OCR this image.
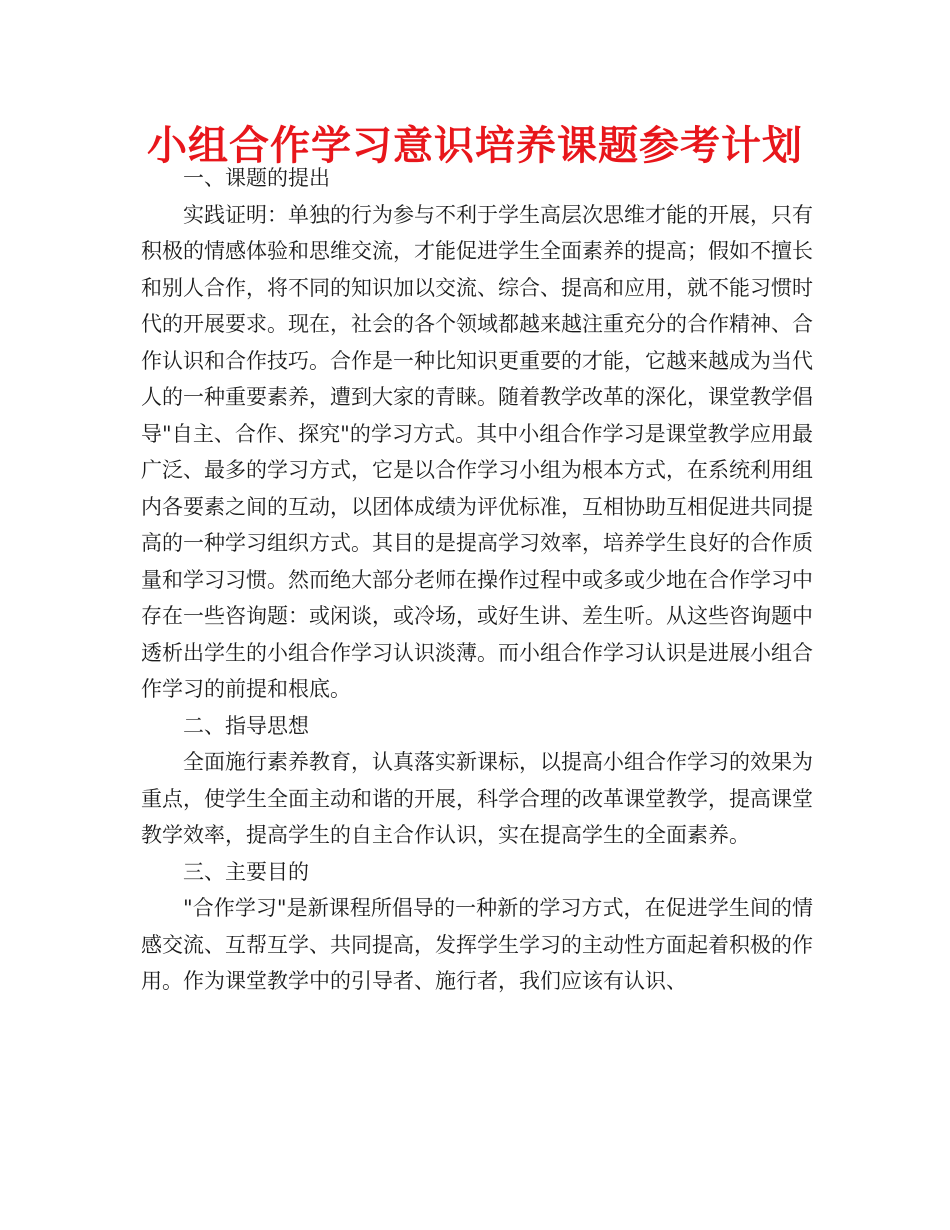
小组合作学习意识培养课题参考计划
一、课题的提出

实践证明：单独的行为参与不利于学生高层次思维才能的开展，只有积极的情感体验和思维交流，才能促进学生全面素养的提高；假如不擅长和别人合作，将不同的知识加以交流、综合、提高和应用，就不能习惯时代的开展要求。现在，社会的各个领域都越来越注重充分的合作精神、合作认识和合作技巧。合作是一种比知识更重要的才能，它越来越成为当代人的一种重要素养，遭到大家的青睐。随着教学改革的深化，课堂教学倡导"自主、合作、探究"的学习方式。其中小组合作学习是课堂教学应用最广泛、最多的学习方式，它是以合作学习小组为根本方式，在系统利用组内各要素之间的互动，以团体成绩为评优标准，互相协助互相促进共同提高的一种学习组织方式。其目的是提高学习效率，培养学生良好的合作质量和学习习惯。然而绝大部分老师在操作过程中或多或少地在合作学习中存在一些咨询题：或闲谈，或冷场，或好生讲、差生听。从这些咨询题中透析出学生的小组合作学习认识淡薄。而小组合作学习认识是进展小组合作学习的前提和根底。

二、指导思想

全面施行素养教育，认真落实新课标，以提高小组合作学习的效果为重点，使学生全面主动和谐的开展，科学合理的改革课堂教学，提高课堂教学效率，提高学生的自主合作认识，实在提高学生的全面素养。

三、主要目的

"合作学习"是新课程所倡导的一种新的学习方式，在促进学生间的情感交流、互帮互学、共同提高，发挥学生学习的主动性方面起着积极的作用。作为课堂教学中的引导者、施行者，我们应该有认识、
